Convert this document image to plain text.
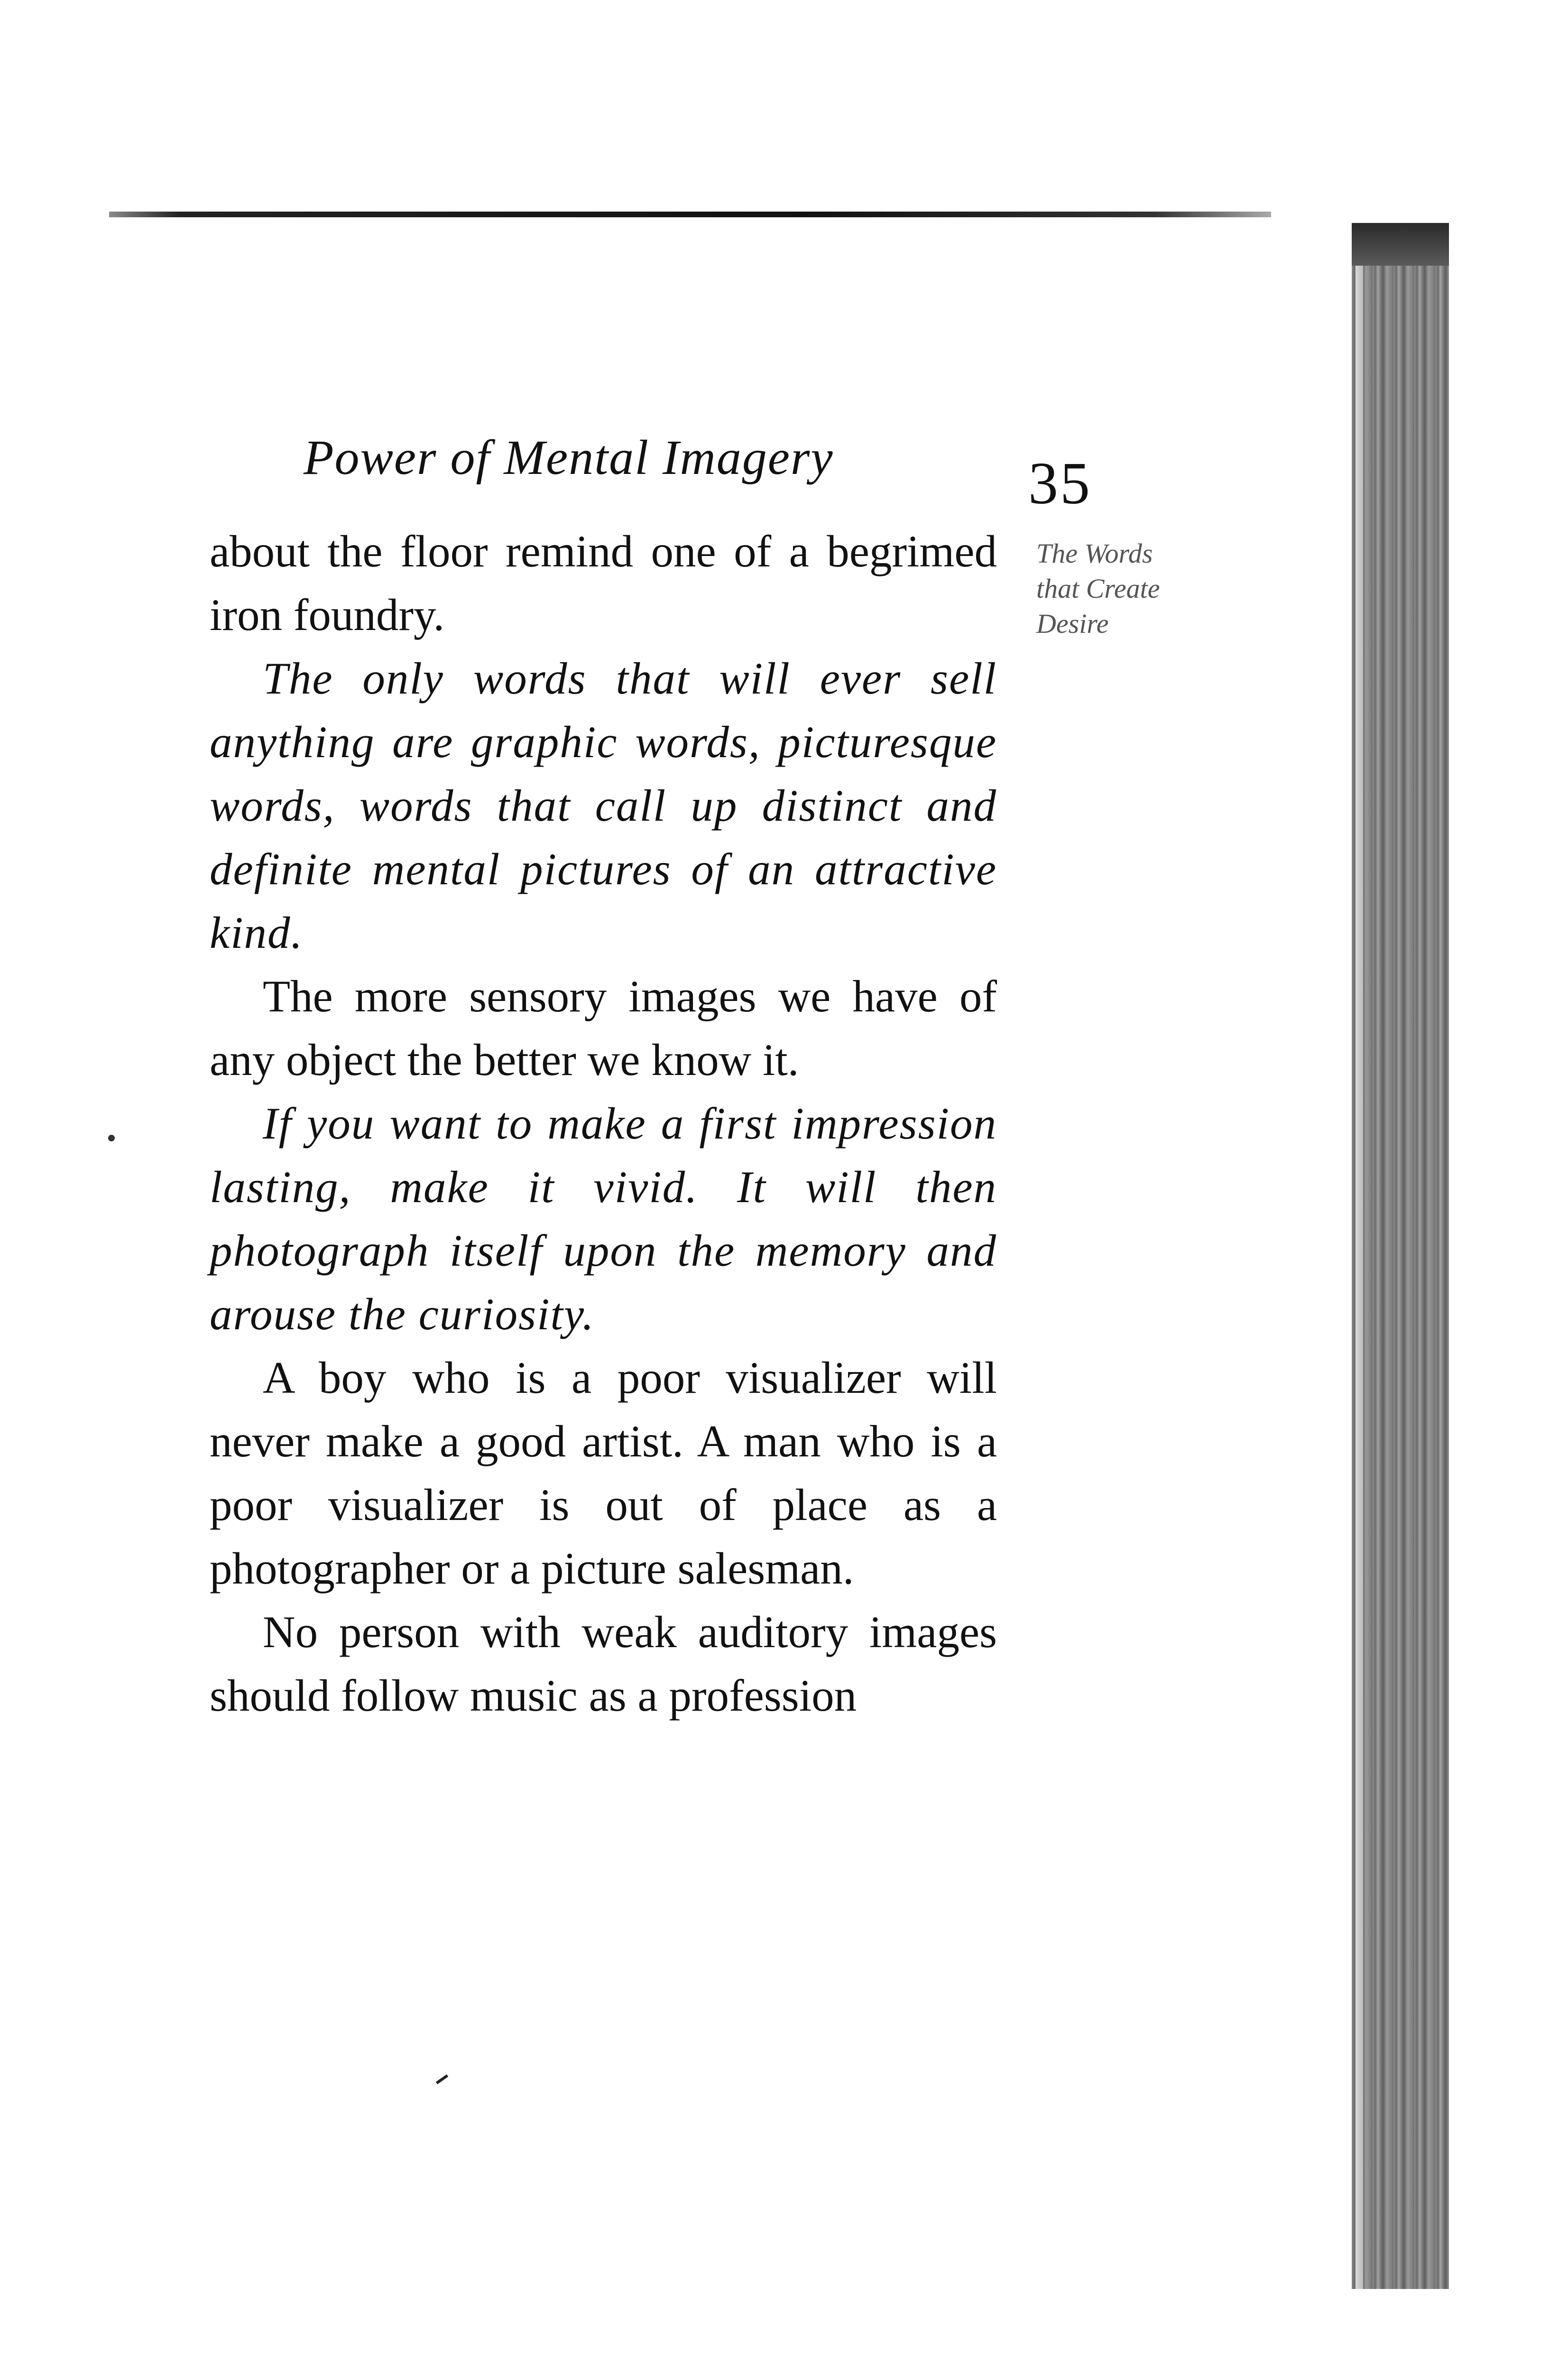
Power of Mental Imagery	35
The Words
that Create
Desire

about the floor remind one of a begrimed iron foundry.

The only words that will ever sell anything are graphic words, picturesque words, words that call up distinct and definite mental pictures of an attractive kind.

The more sensory images we have of any object the better we know it.

If you want to make a first impression lasting, make it vivid. It will then photograph itself upon the memory and arouse the curiosity.

A boy who is a poor visualizer will never make a good artist. A man who is a poor visualizer is out of place as a photographer or a picture salesman.

No person with weak auditory images should follow music as a profession
